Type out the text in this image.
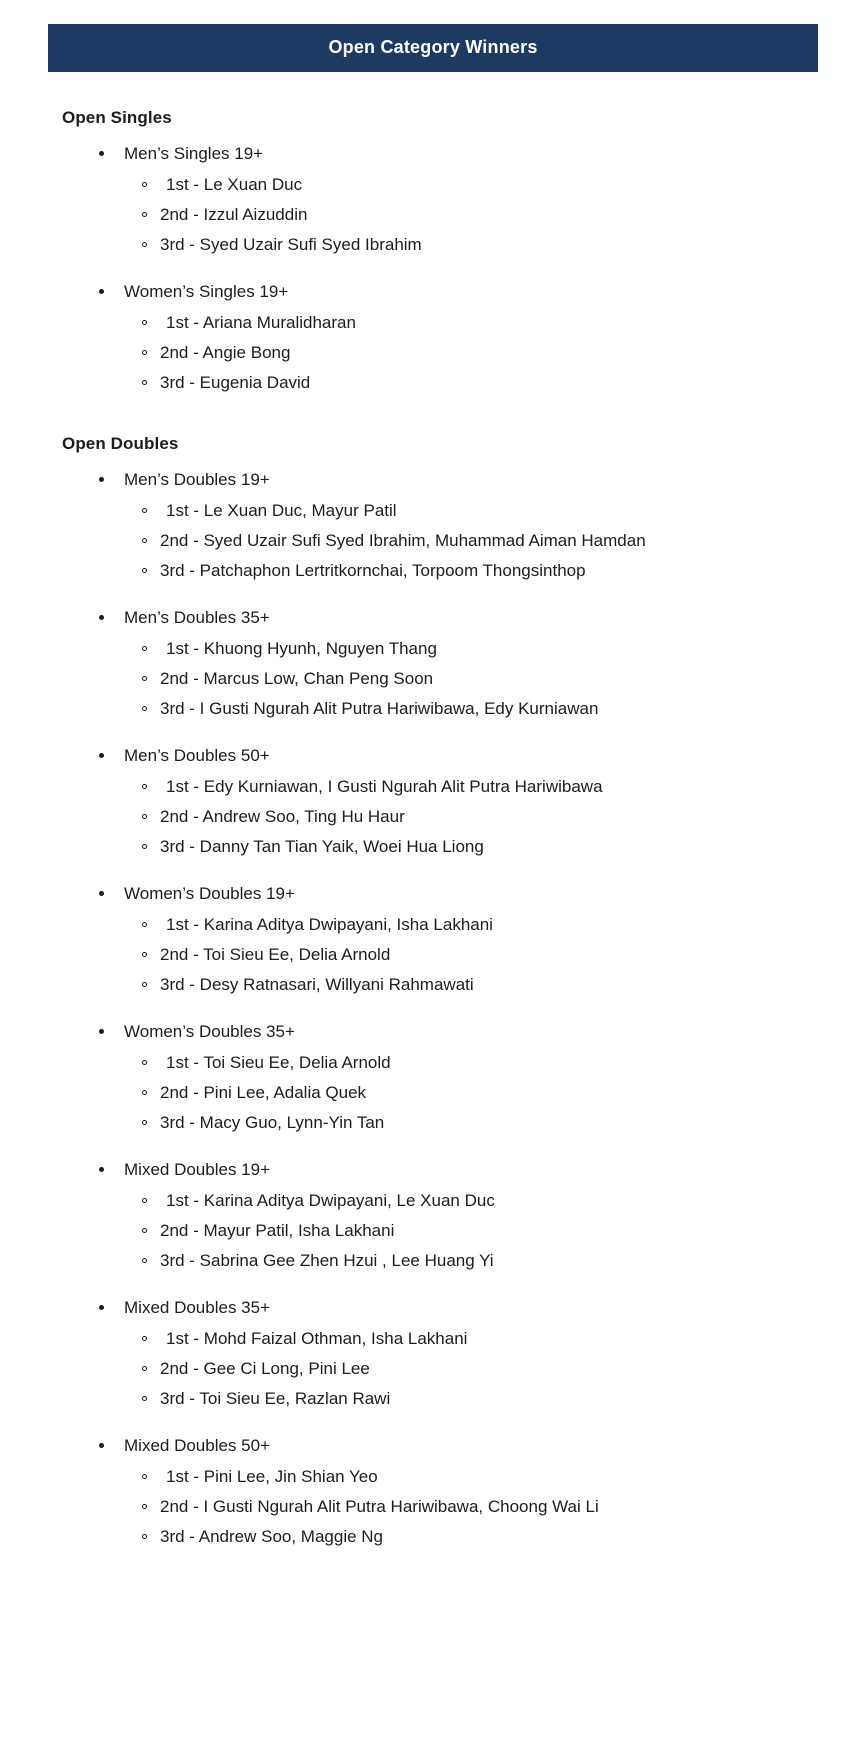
Open Category Winners
Open Singles
Men’s Singles 19+
1st - Le Xuan Duc
2nd - Izzul Aizuddin
3rd - Syed Uzair Sufi Syed Ibrahim
Women’s Singles 19+
1st - Ariana Muralidharan
2nd - Angie Bong
3rd - Eugenia David
Open Doubles
Men’s Doubles 19+
1st - Le Xuan Duc, Mayur Patil
2nd - Syed Uzair Sufi Syed Ibrahim, Muhammad Aiman Hamdan
3rd - Patchaphon Lertritkornchai, Torpoom Thongsinthop
Men’s Doubles 35+
1st - Khuong Hyunh, Nguyen Thang
2nd - Marcus Low, Chan Peng Soon
3rd - I Gusti Ngurah Alit Putra Hariwibawa, Edy Kurniawan
Men’s Doubles 50+
1st - Edy Kurniawan, I Gusti Ngurah Alit Putra Hariwibawa
2nd - Andrew Soo, Ting Hu Haur
3rd - Danny Tan Tian Yaik, Woei Hua Liong
Women’s Doubles 19+
1st - Karina Aditya Dwipayani, Isha Lakhani
2nd - Toi Sieu Ee, Delia Arnold
3rd - Desy Ratnasari, Willyani Rahmawati
Women’s Doubles 35+
1st - Toi Sieu Ee, Delia Arnold
2nd - Pini Lee, Adalia Quek
3rd - Macy Guo, Lynn-Yin Tan
Mixed Doubles 19+
1st - Karina Aditya Dwipayani, Le Xuan Duc
2nd - Mayur Patil, Isha Lakhani
3rd - Sabrina Gee Zhen Hzui , Lee Huang Yi
Mixed Doubles 35+
1st - Mohd Faizal Othman, Isha Lakhani
2nd - Gee Ci Long, Pini Lee
3rd - Toi Sieu Ee, Razlan Rawi
Mixed Doubles 50+
1st - Pini Lee, Jin Shian Yeo
2nd - I Gusti Ngurah Alit Putra Hariwibawa, Choong Wai Li
3rd - Andrew Soo, Maggie Ng
